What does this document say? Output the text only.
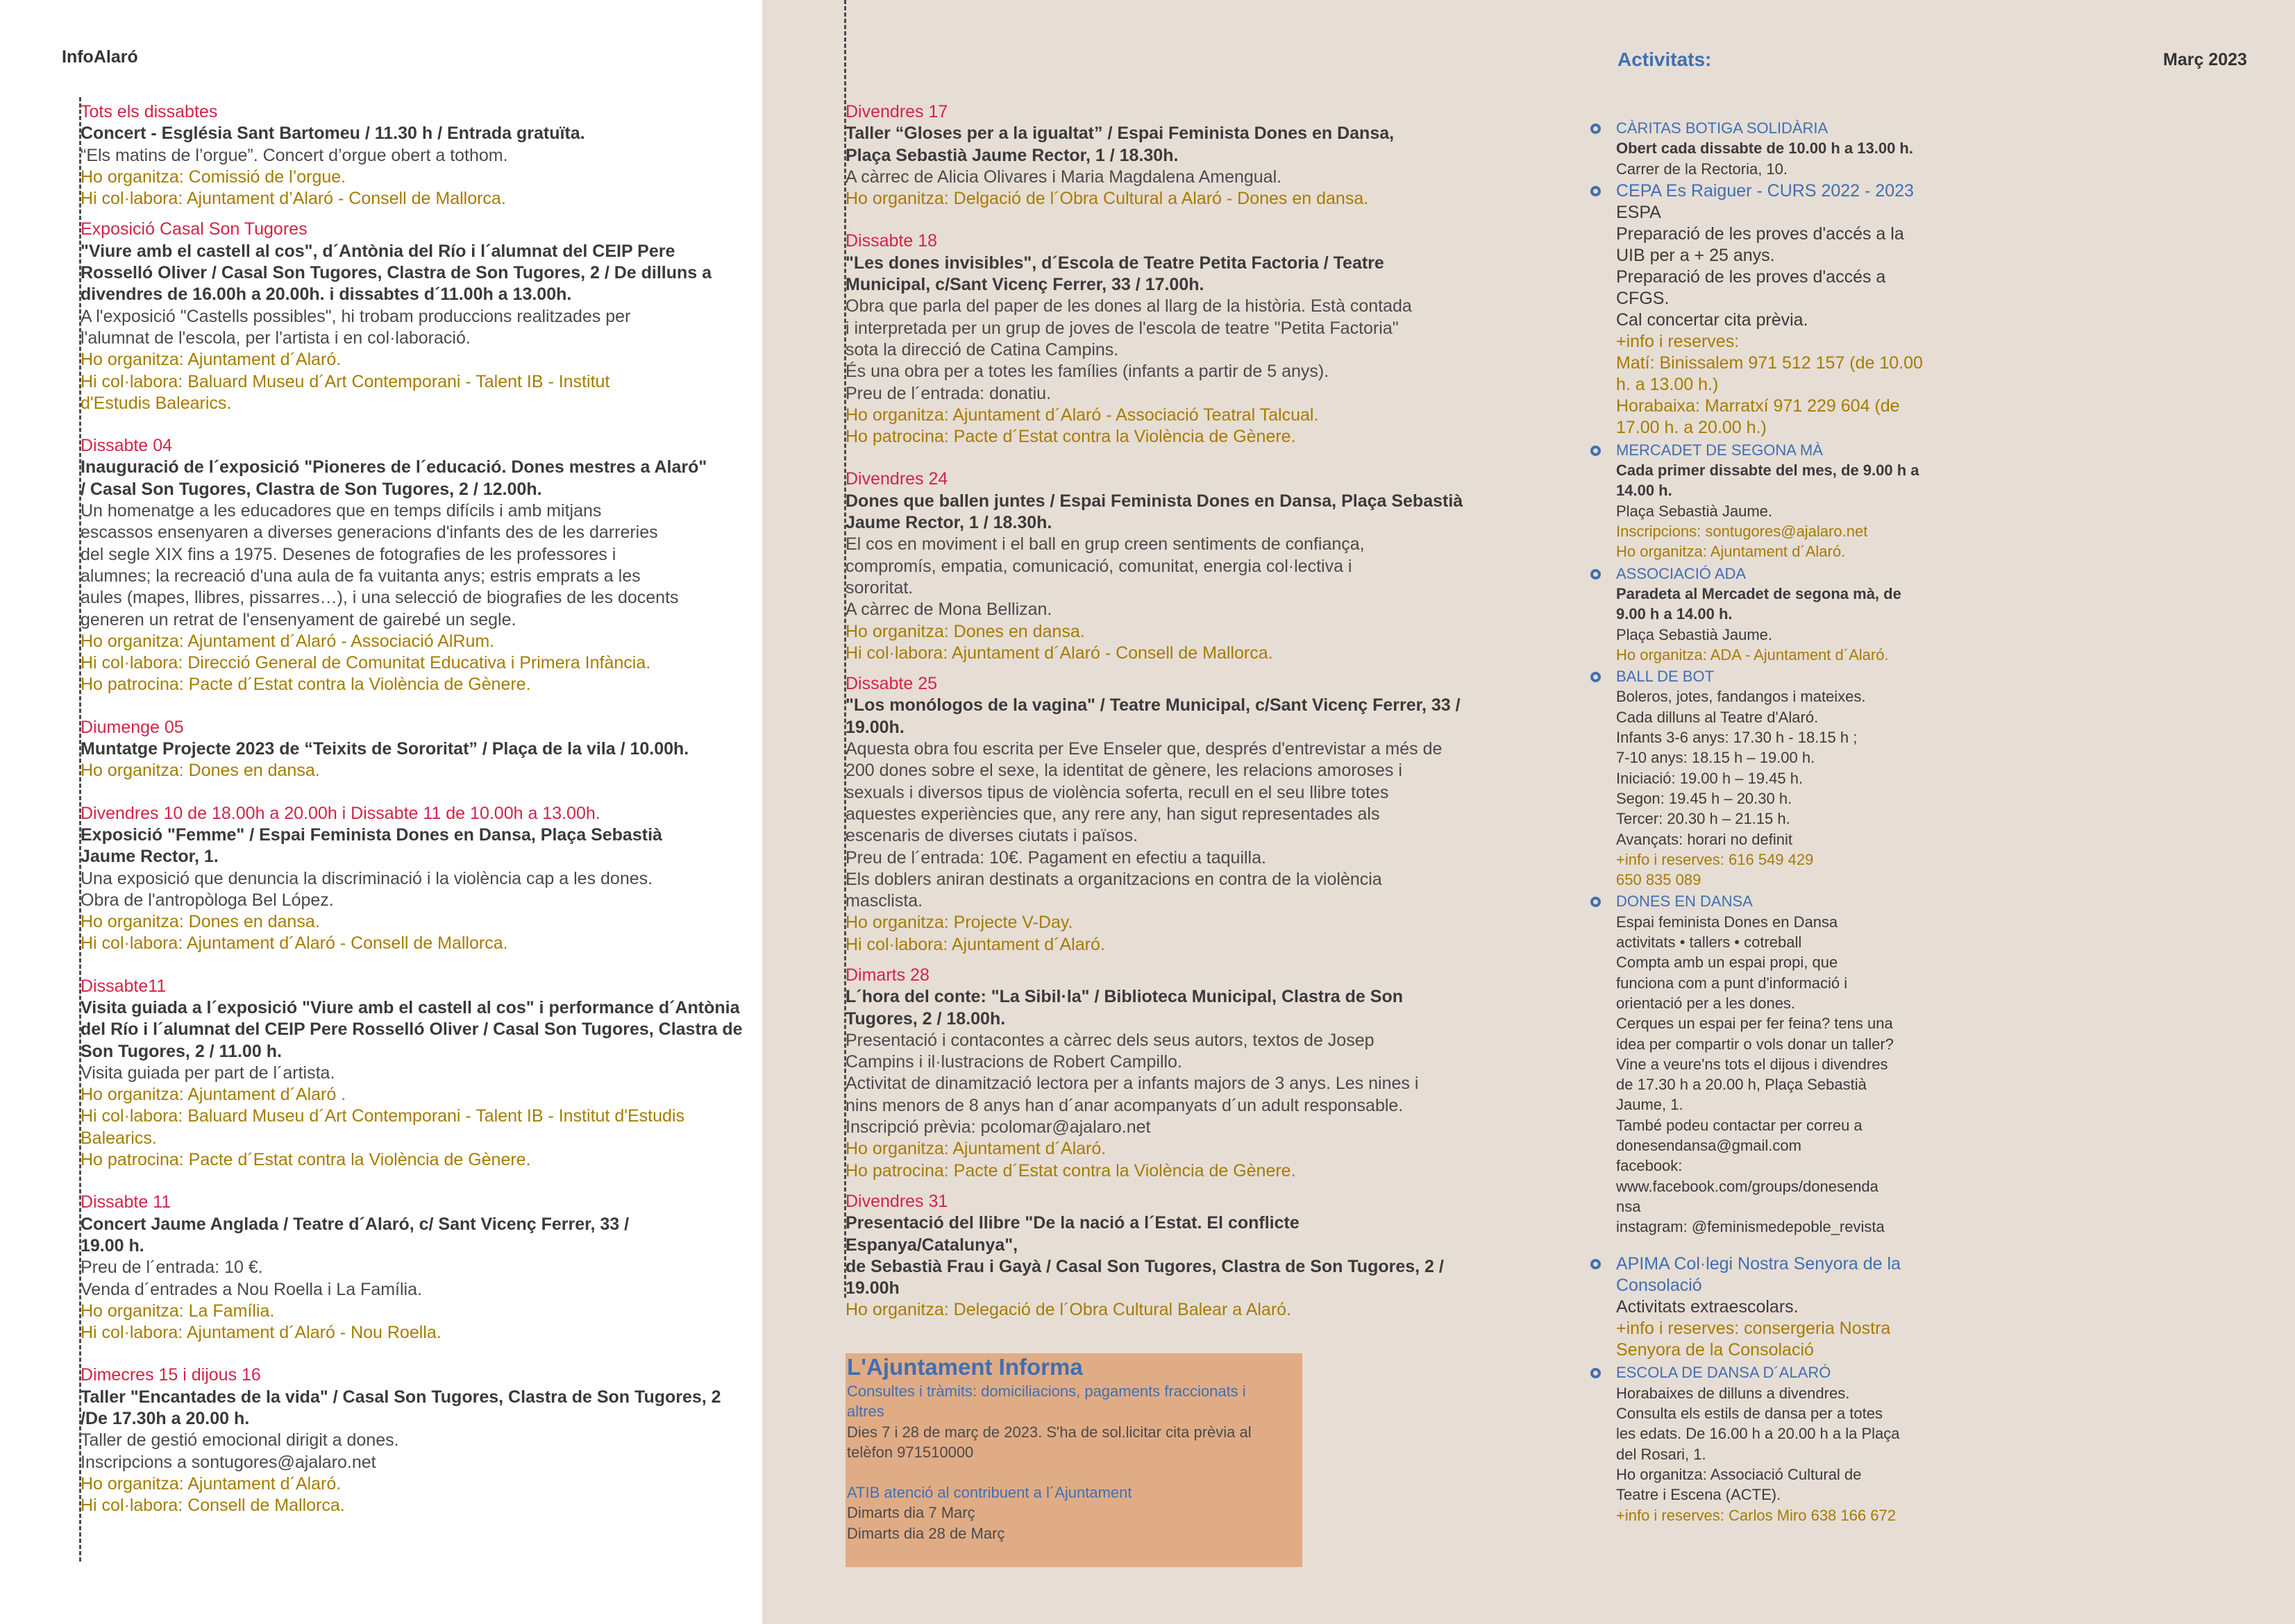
InfoAlaró	Activitats:	Març 2023
Tots els dissabtes
Concert - Església Sant Bartomeu / 11.30 h / Entrada gratuïta.
“Els matins de l’orgue”. Concert d’orgue obert a tothom.
Ho organitza: Comissió de l’orgue.
Hi col·labora: Ajuntament d’Alaró - Consell de Mallorca.
Exposició Casal Son Tugores
"Viure amb el castell al cos", d´Antònia del Río i l´alumnat del CEIP Pere
Rosselló Oliver / Casal Son Tugores, Clastra de Son Tugores, 2 / De dilluns a
divendres de 16.00h a 20.00h. i dissabtes d´11.00h a 13.00h.
A l'exposició "Castells possibles", hi trobam produccions realitzades per
l'alumnat de l'escola, per l'artista i en col·laboració.
Ho organitza: Ajuntament d´Alaró.
Hi col·labora: Baluard Museu d´Art Contemporani - Talent IB - Institut
d'Estudis Balearics.
Dissabte 04
Inauguració de l´exposició "Pioneres de l´educació. Dones mestres a Alaró"
/ Casal Son Tugores, Clastra de Son Tugores, 2 / 12.00h.
Un homenatge a les educadores que en temps difícils i amb mitjans
escassos ensenyaren a diverses generacions d'infants des de les darreries
del segle XIX fins a 1975. Desenes de fotografies de les professores i
alumnes; la recreació d'una aula de fa vuitanta anys; estris emprats a les
aules (mapes, llibres, pissarres…), i una selecció de biografies de les docents
generen un retrat de l'ensenyament de gairebé un segle.
Ho organitza: Ajuntament d´Alaró - Associació AlRum.
Hi col·labora: Direcció General de Comunitat Educativa i Primera Infància.
Ho patrocina: Pacte d´Estat contra la Violència de Gènere.
Diumenge 05
Muntatge Projecte 2023 de “Teixits de Sororitat” / Plaça de la vila / 10.00h.
Ho organitza: Dones en dansa.
Divendres 10 de 18.00h a 20.00h i Dissabte 11 de 10.00h a 13.00h.
Exposició "Femme" / Espai Feminista Dones en Dansa, Plaça Sebastià
Jaume Rector, 1.
Una exposició que denuncia la discriminació i la violència cap a les dones.
Obra de l'antropòloga Bel López.
Ho organitza: Dones en dansa.
Hi col·labora: Ajuntament d´Alaró - Consell de Mallorca.
Dissabte11
Visita guiada a l´exposició "Viure amb el castell al cos" i performance d´Antònia
del Río i l´alumnat del CEIP Pere Rosselló Oliver / Casal Son Tugores, Clastra de
Son Tugores, 2 / 11.00 h.
Visita guiada per part de l´artista.
Ho organitza: Ajuntament d´Alaró .
Hi col·labora: Baluard Museu d´Art Contemporani - Talent IB - Institut d'Estudis
Balearics.
Ho patrocina: Pacte d´Estat contra la Violència de Gènere.
Dissabte 11
Concert Jaume Anglada / Teatre d´Alaró, c/ Sant Vicenç Ferrer, 33 /
19.00 h.
Preu de l´entrada: 10 €.
Venda d´entrades a Nou Roella i La Família.
Ho organitza: La Família.
Hi col·labora: Ajuntament d´Alaró - Nou Roella.
Dimecres 15 i dijous 16
Taller "Encantades de la vida" / Casal Son Tugores, Clastra de Son Tugores, 2
/De 17.30h a 20.00 h.
Taller de gestió emocional dirigit a dones.
Inscripcions a sontugores@ajalaro.net
Ho organitza: Ajuntament d´Alaró.
Hi col·labora: Consell de Mallorca.
Divendres 17
Taller “Gloses per a la igualtat” / Espai Feminista Dones en Dansa,
Plaça Sebastià Jaume Rector, 1 / 18.30h.
A càrrec de Alicia Olivares i Maria Magdalena Amengual.
Ho organitza: Delgació de l´Obra Cultural a Alaró - Dones en dansa.
Dissabte 18
"Les dones invisibles", d´Escola de Teatre Petita Factoria / Teatre
Municipal, c/Sant Vicenç Ferrer, 33 / 17.00h.
Obra que parla del paper de les dones al llarg de la història. Està contada
i interpretada per un grup de joves de l'escola de teatre "Petita Factoria"
sota la direcció de Catina Campins.
És una obra per a totes les famílies (infants a partir de 5 anys).
Preu de l´entrada: donatiu.
Ho organitza: Ajuntament d´Alaró - Associació Teatral Talcual.
Ho patrocina: Pacte d´Estat contra la Violència de Gènere.
Divendres 24
Dones que ballen juntes / Espai Feminista Dones en Dansa, Plaça Sebastià
Jaume Rector, 1 / 18.30h.
El cos en moviment i el ball en grup creen sentiments de confiança,
compromís, empatia, comunicació, comunitat, energia col·lectiva i
sororitat.
A càrrec de Mona Bellizan.
Ho organitza: Dones en dansa.
Hi col·labora: Ajuntament d´Alaró - Consell de Mallorca.
Dissabte 25
"Los monólogos de la vagina" / Teatre Municipal, c/Sant Vicenç Ferrer, 33 /
19.00h.
Aquesta obra fou escrita per Eve Enseler que, després d'entrevistar a més de
200 dones sobre el sexe, la identitat de gènere, les relacions amoroses i
sexuals i diversos tipus de violència soferta, recull en el seu llibre totes
aquestes experiències que, any rere any, han sigut representades als
escenaris de diverses ciutats i països.
Preu de l´entrada: 10€. Pagament en efectiu a taquilla.
Els doblers aniran destinats a organitzacions en contra de la violència
masclista.
Ho organitza: Projecte V-Day.
Hi col·labora: Ajuntament d´Alaró.
Dimarts 28
L´hora del conte: "La Sibil·la" / Biblioteca Municipal, Clastra de Son
Tugores, 2 / 18.00h.
Presentació i contacontes a càrrec dels seus autors, textos de Josep
Campins i il·lustracions de Robert Campillo.
Activitat de dinamització lectora per a infants majors de 3 anys. Les nines i
nins menors de 8 anys han d´anar acompanyats d´un adult responsable.
Inscripció prèvia: pcolomar@ajalaro.net
Ho organitza: Ajuntament d´Alaró.
Ho patrocina: Pacte d´Estat contra la Violència de Gènere.
Divendres 31
Presentació del llibre "De la nació a l´Estat. El conflicte Espanya/Catalunya",
de Sebastià Frau i Gayà / Casal Son Tugores, Clastra de Son Tugores, 2 /
19.00h
Ho organitza: Delegació de l´Obra Cultural Balear a Alaró.
L'Ajuntament Informa
Consultes i tràmits: domiciliacions, pagaments fraccionats i
altres
Dies 7 i 28 de març de 2023. S'ha de sol.licitar cita prèvia al
telèfon 971510000
ATIB atenció al contribuent a l´Ajuntament
Dimarts dia 7 Març
Dimarts dia 28 de Març
CÀRITAS BOTIGA SOLIDÀRIA
Obert cada dissabte de 10.00 h a 13.00 h.
Carrer de la Rectoria, 10.
CEPA Es Raiguer - CURS 2022 - 2023
ESPA
Preparació de les proves d'accés a la
UIB per a + 25 anys.
Preparació de les proves d'accés a
CFGS.
Cal concertar cita prèvia.
+info i reserves:
Matí: Binissalem 971 512 157 (de 10.00
h. a 13.00 h.)
Horabaixa: Marratxí 971 229 604 (de
17.00 h. a 20.00 h.)
MERCADET DE SEGONA MÀ
Cada primer dissabte del mes, de 9.00 h a
14.00 h.
Plaça Sebastià Jaume.
Inscripcions: sontugores@ajalaro.net
Ho organitza: Ajuntament d´Alaró.
ASSOCIACIÓ ADA
Paradeta al Mercadet de segona mà, de
9.00 h a 14.00 h.
Plaça Sebastià Jaume.
Ho organitza: ADA - Ajuntament d´Alaró.
BALL DE BOT
Boleros, jotes, fandangos i mateixes.
Cada dilluns al Teatre d'Alaró.
Infants 3-6 anys: 17.30 h - 18.15 h ;
7-10 anys: 18.15 h – 19.00 h.
Iniciació: 19.00 h – 19.45 h.
Segon: 19.45 h – 20.30 h.
Tercer: 20.30 h – 21.15 h.
Avançats: horari no definit
+info i reserves: 616 549 429
650 835 089
DONES EN DANSA
Espai feminista Dones en Dansa
activitats • tallers • cotreball
Compta amb un espai propi, que
funciona com a punt d'informació i
orientació per a les dones.
Cerques un espai per fer feina? tens una
idea per compartir o vols donar un taller?
Vine a veure'ns tots el dijous i divendres
de 17.30 h a 20.00 h, Plaça Sebastià
Jaume, 1.
També podeu contactar per correu a
donesendansa@gmail.com
facebook:
www.facebook.com/groups/donesenda
nsa
instagram: @feminismedepoble_revista
APIMA Col·legi Nostra Senyora de la
Consolació
Activitats extraescolars.
+info i reserves: consergeria Nostra
Senyora de la Consolació
ESCOLA DE DANSA D´ALARÓ
Horabaixes de dilluns a divendres.
Consulta els estils de dansa per a totes
les edats. De 16.00 h a 20.00 h a la Plaça
del Rosari, 1.
Ho organitza: Associació Cultural de
Teatre i Escena (ACTE).
+info i reserves: Carlos Miro 638 166 672
